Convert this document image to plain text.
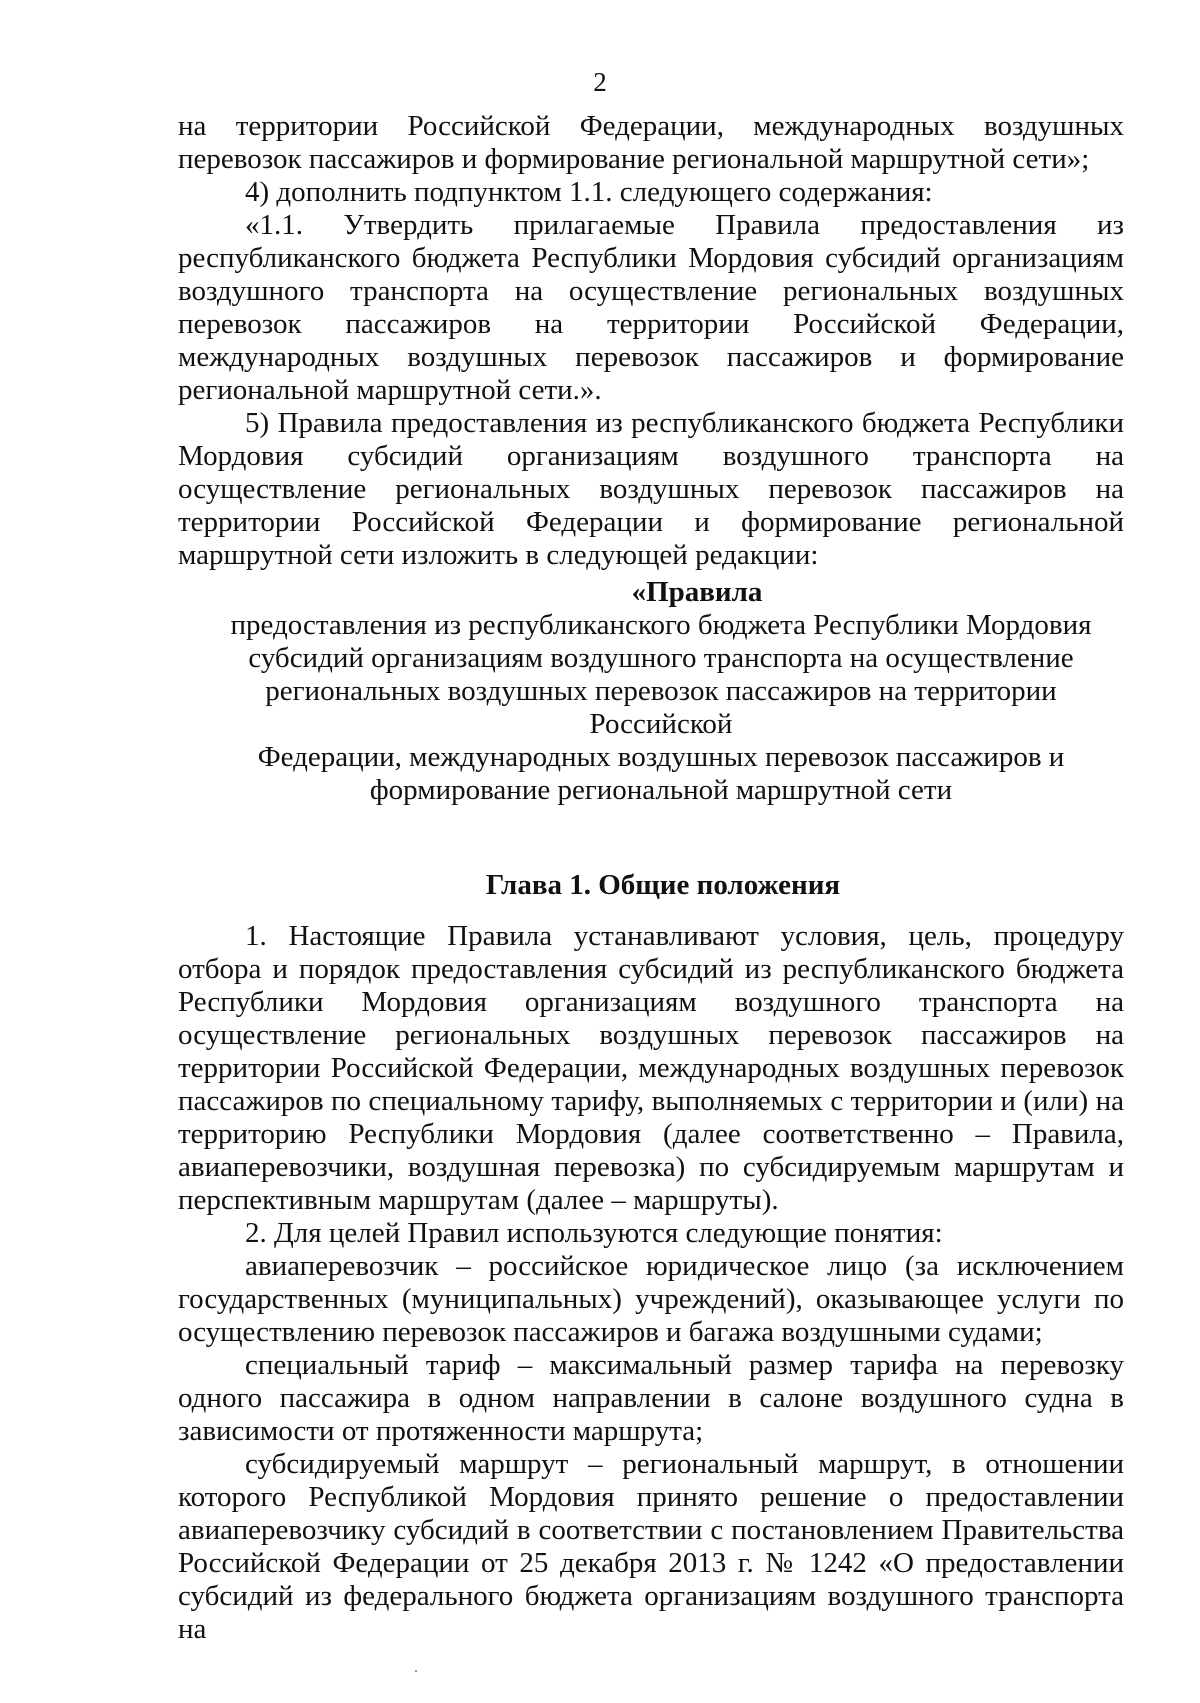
2

на территории Российской Федерации, международных воздушных перевозок пассажиров и формирование региональной маршрутной сети»;

4) дополнить подпунктом 1.1. следующего содержания:

«1.1. Утвердить прилагаемые Правила предоставления из республиканского бюджета Республики Мордовия субсидий организациям воздушного транспорта на осуществление региональных воздушных перевозок пассажиров на территории Российской Федерации, международных воздушных перевозок пассажиров и формирование региональной маршрутной сети.».

5) Правила предоставления из республиканского бюджета Республики Мордовия субсидий организациям воздушного транспорта на осуществление региональных воздушных перевозок пассажиров на территории Российской Федерации и формирование региональной маршрутной сети изложить в следующей редакции:

«Правила
предоставления из республиканского бюджета Республики Мордовия
субсидий организациям воздушного транспорта на осуществление
региональных воздушных перевозок пассажиров на территории Российской
Федерации, международных воздушных перевозок пассажиров и
формирование региональной маршрутной сети
Глава 1. Общие положения

1. Настоящие Правила устанавливают условия, цель, процедуру отбора и порядок предоставления субсидий из республиканского бюджета Республики Мордовия организациям воздушного транспорта на осуществление региональных воздушных перевозок пассажиров на территории Российской Федерации, международных воздушных перевозок пассажиров по специальному тарифу, выполняемых с территории и (или) на территорию Республики Мордовия (далее соответственно – Правила, авиаперевозчики, воздушная перевозка) по субсидируемым маршрутам и перспективным маршрутам (далее – маршруты).

2. Для целей Правил используются следующие понятия:

авиаперевозчик – российское юридическое лицо (за исключением государственных (муниципальных) учреждений), оказывающее услуги по осуществлению перевозок пассажиров и багажа воздушными судами;

специальный тариф – максимальный размер тарифа на перевозку одного пассажира в одном направлении в салоне воздушного судна в зависимости от протяженности маршрута;

субсидируемый маршрут – региональный маршрут, в отношении которого Республикой Мордовия принято решение о предоставлении авиаперевозчику субсидий в соответствии с постановлением Правительства Российской Федерации от 25 декабря 2013 г. № 1242 «О предоставлении субсидий из федерального бюджета организациям воздушного транспорта на
